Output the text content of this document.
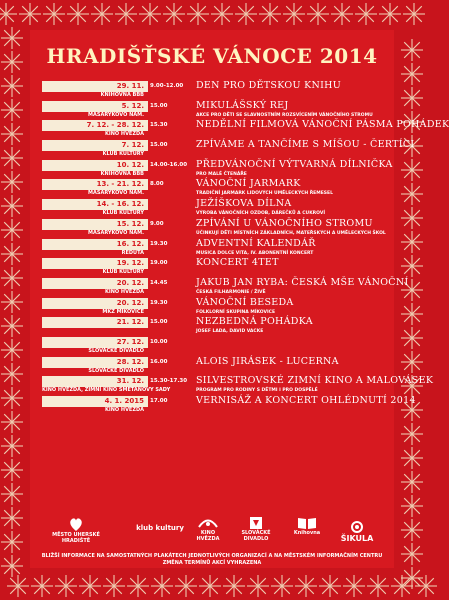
HRADIŠŤSKÉ VÁNOCE 2014
29. 11.
KNIHOVNA BBB
9.00-12.00	DEN PRO DĚTSKOU KNIHU
5. 12.
MASARYKOVO NÁM.
15.00	MIKULÁŠSKÝ REJ
AKCE PRO DĚTI SE SLAVNOSTNÍM ROZSVÍCENÍM VÁNOČNÍHO STROMU
7. 12. - 28. 12.
KINO HVĚZDA
15.30	NEDĚLNÍ FILMOVÁ VÁNOČNÍ PÁSMA POHÁDEK
7. 12.
KLUB KULTURY
15.00	ZPÍVÁME A TANČÍME S MÍŠOU - ČERTÍCI
10. 12.
KNIHOVNA BBB
14.00-16.00 PŘEDVÁNOČNÍ VÝTVARNÁ DÍLNIČKA
PRO MALÉ ČTENÁŘE
13. - 21. 12.
MASARYKOVO NÁM.
8.00	VÁNOČNÍ JARMARK
TRADIČNÍ JARMARK LIDOVÝCH UMĚLECKÝCH ŘEMESEL
14. - 16. 12.
KLUB KULTURY
JEŽÍŠKOVA DÍLNA
VÝROBA VÁNOČNÍCH OZDOB, DÁREČKŮ A CUKROVÍ
15. 12.
MASARYKOVO NÁM.
9.00	ZPÍVÁNÍ U VÁNOČNÍHO STROMU
ÚČINKUJÍ DĚTI MÍSTNÍCH ZÁKLADNÍCH, MATEŘSKÝCH A UMĚLECKÝCH ŠKOL
16. 12.
REDUTA
19.30	ADVENTNÍ KALENDÁŘ
MUSICA DOLCE VITA, IV. ABONENTNÍ KONCERT
19. 12.
KLUB KULTURY
19.00	KONCERT 4TET
20. 12.
KINO HVĚZDA
14.45	JAKUB JAN RYBA: ČESKÁ MŠE VÁNOČNÍ
ČESKÁ FILHARMONIE / ŽIVĚ
20. 12.
MKZ MÍKOVICE
19.30	VÁNOČNÍ BESEDA
FOLKLORNÍ SKUPINA MÍKOVICE
21. 12.	15.00	NEZBEDNÁ POHÁDKA
JOSEF LADA, DAVID VACKE
27. 12.
SLOVÁCKÉ DIVADLO
10.00
28. 12.
SLOVÁCKÉ DIVADLO
16.00	ALOIS JIRÁSEK - LUCERNA
31. 12.
KINO HVĚZDA, ZIMNÍ KINO SMETANOVY SADY
15.30-17.30 SILVESTROVSKÉ ZIMNÍ KINO A MALOVÁSEK
PROGRAM PRO RODINY S DĚTMI I PRO DOSPĚLÉ
4. 1. 2015
KINO HVĚZDA
17.00	VERNISÁŽ A KONCERT OHLÉDNUTÍ 2014
MĚSTO UHERSKÉ HRADIŠTĚ
klub kultury
KINO HVĚZDA
SLOVÁCKÉ DIVADLO
Knihovna
ŠIKULA
BLIŽŠÍ INFORMACE NA SAMOSTATNÝCH PLAKÁTECH JEDNOTLIVÝCH ORGANIZACÍ A NA MĚSTSKÉM INFORMAČNÍM CENTRU
ZMĚNA TERMÍNŮ AKCÍ VYHRAZENA
